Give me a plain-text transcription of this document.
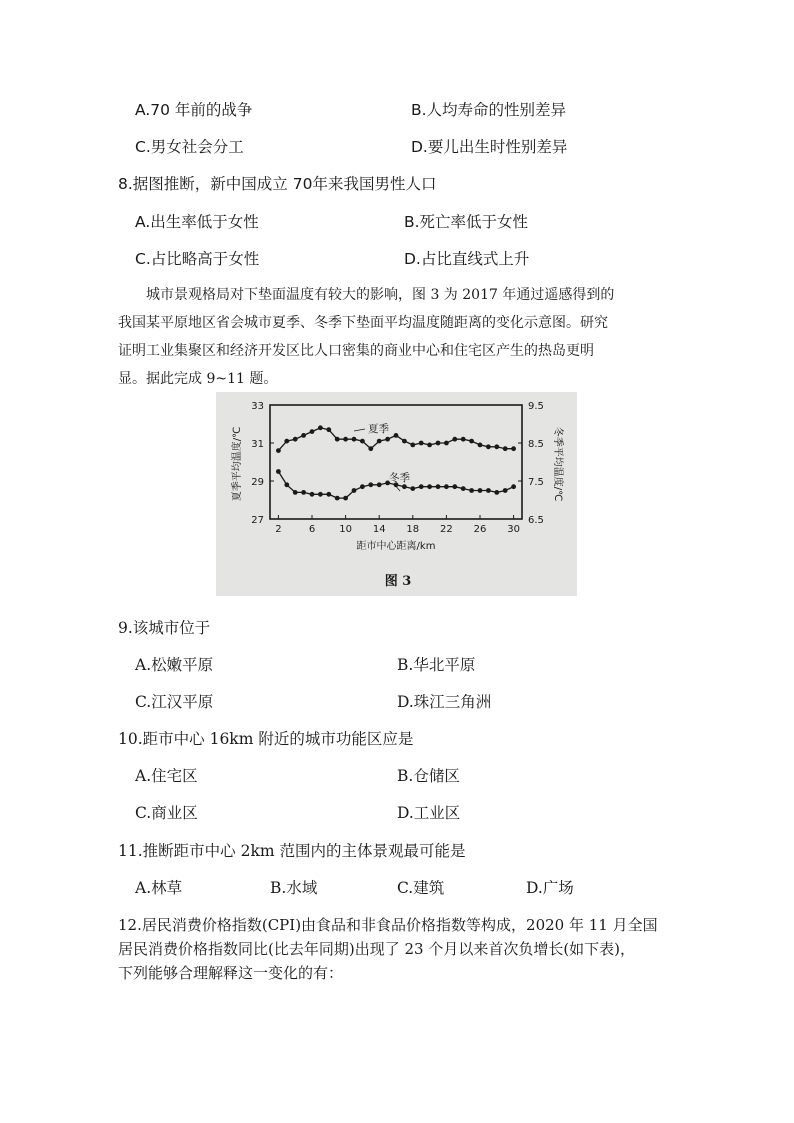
A.70 年前的战争	B.人均寿命的性别差异
C.男女社会分工	D.要儿出生时性别差异
8.据图推断，新中国成立 70年来我国男性人口
A.出生率低于女性	B.死亡率低于女性
C.占比略高于女性	D.占比直线式上升
城市景观格局对下垫面温度有较大的影响，图 3 为 2017 年通过遥感得到的
我国某平原地区省会城市夏季、冬季下垫面平均温度随距离的变化示意图。研究
证明工业集聚区和经济开发区比人口密集的商业中心和住宅区产生的热岛更明
显。据此完成 9~11 题。
2	6 10 14 18 22 26 30
27
29
31
33
6.5
7.5
8.5
9.5
夏季
冬季
夏季平均温度/℃	冬季平均温度/℃
距市中心距离/km
图 3
9.该城市位于
A.松嫩平原	B.华北平原
C.江汉平原	D.珠江三角洲
10.距市中心 16km 附近的城市功能区应是
A.住宅区	B.仓储区
C.商业区	D.工业区
11.推断距市中心 2km 范围内的主体景观最可能是
A.林草	B.水域	C.建筑	D.广场
12.居民消费价格指数(CPI)由食品和非食品价格指数等构成，2020 年 11 月全国
居民消费价格指数同比(比去年同期)出现了 23 个月以来首次负增长(如下表)，
下列能够合理解释这一变化的有：
